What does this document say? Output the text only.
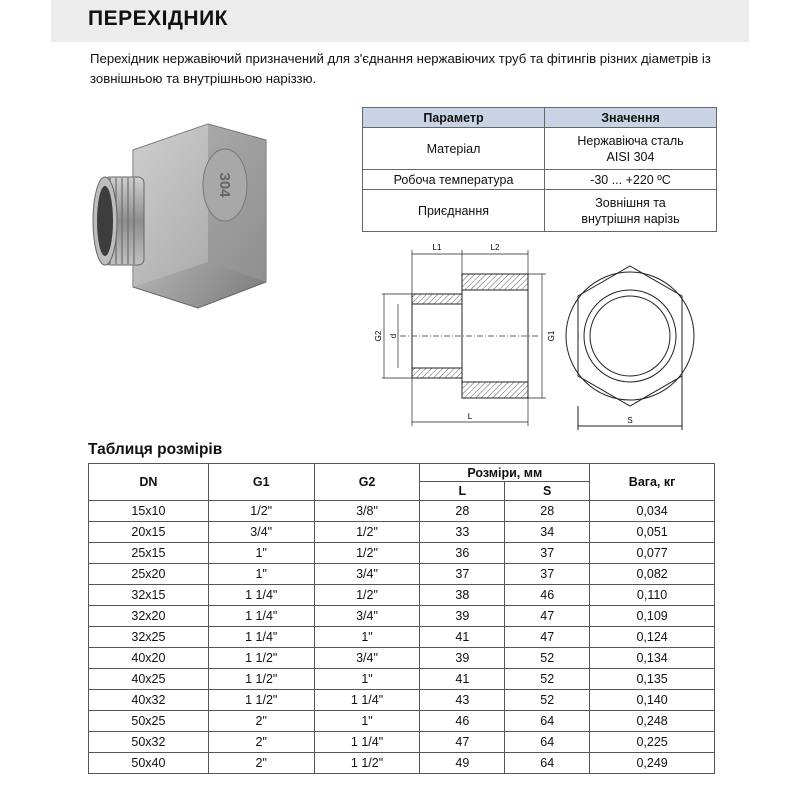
ПЕРЕХІДНИК
Перехідник нержавіючий призначений для з'єднання нержавіючих труб та фітингів різних діаметрів із зовнішньою та внутрішньою наріззю.
304
Параметр	Значення
Матеріал	Нержавіюча сталь
AISI 304

Робоча температура	-30 ... +220 ºС
Приєднання	Зовнішня та
внутрішня нарізь
L1	L2
G2 d	G1
L	S
Таблиця розмірів
DN	G1	G2	Розміри, мм		Вага, кг
			L	S	
15x10	1/2"	3/8"	28	28	0,034
20x15	3/4"	1/2"	33	34	0,051
25x15	1"	1/2"	36	37	0,077
25x20	1"	3/4"	37	37	0,082
32x15	1 1/4"	1/2"	38	46	0,110
32x20	1 1/4"	3/4"	39	47	0,109
32x25	1 1/4"	1"	41	47	0,124
40x20	1 1/2"	3/4"	39	52	0,134
40x25	1 1/2"	1"	41	52	0,135
40x32	1 1/2"	1 1/4"	43	52	0,140
50x25	2"	1"	46	64	0,248
50x32	2"	1 1/4"	47	64	0,225
50x40	2"	1 1/2"	49	64	0,249
